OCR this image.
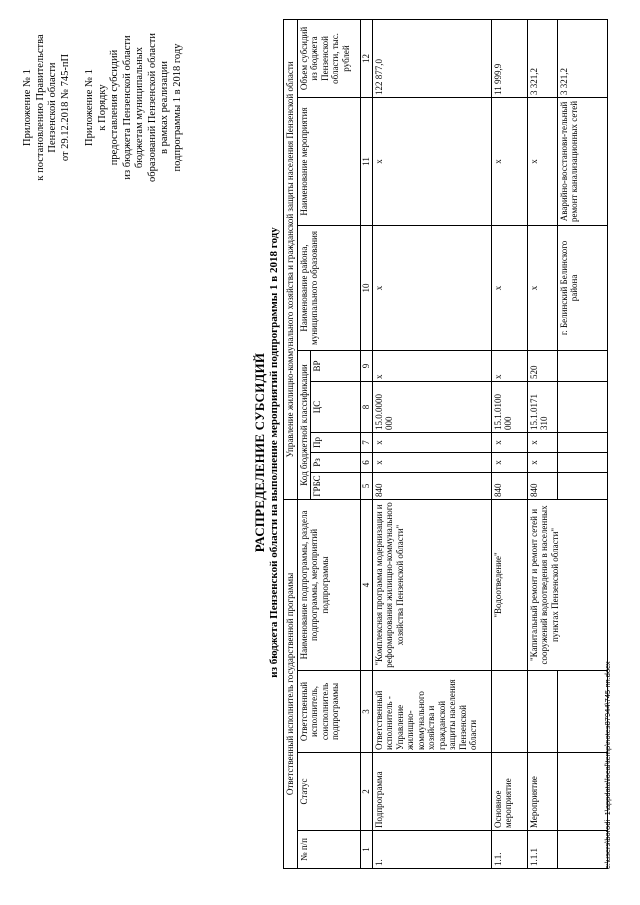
Приложение № 1 к постановлению Правительства Пензенской области от 29.12.2018 № 745-пП Приложение № 1 к Порядку предоставления субсидий из бюджета Пензенской области бюджетам муниципальных образований Пензенской области в рамках реализации подпрограммы 1 в 2018 году
РАСПРЕДЕЛЕНИЕ СУБСИДИЙ из бюджета Пензенской области на выполнение мероприятий подпрограммы 1 в 2018 году
Ответственный исполнитель государственной программы				Управление жилищно-коммунального хозяйства и гражданской защиты населения Пензенской области							
№ п/п	Статус	Ответственный исполнитель, соисполнитель подпрограммы	Наименование подпрограммы, раздела подпрограммы, мероприятий подпрограммы	Код бюджетной классификации					Наименование района, муниципального образования	Наименование мероприятия	Объем субсидий из бюджета Пензенской области, тыс. рублей
				ГРБС	Рз	Пр	ЦС	ВР			
1	2	3	4	5	6	7	8	9	10	11	12
1.	Подпрограмма	Ответственный исполнитель - Управление жилищно-коммунального хозяйства и гражданской защиты населения Пензенской области	"Комплексная программа модернизации и реформирования жилищно-коммунального хозяйства Пензенской области"	840	х	х	15.0.0000 000	х	х	х	122 877,0
1.1.	Основное мероприятие		"Водоотведение"	840	х	х	15.1.0100 000	х	х	х	11 999,9
1.1.1	Мероприятие		"Капитальный ремонт и ремонт сетей и сооружений водоотведения в населенных пунктах Пензенской области"	840	х	х	15.1.0171 310	520	х	х	3 321,2
									г. Белинский Белинского района	Аварийно-восстанови-тельный ремонт канализационных сетей	3 321,2
c:\users\borodi~1\appdata\local\temp\notes87944\745-пп.docx
